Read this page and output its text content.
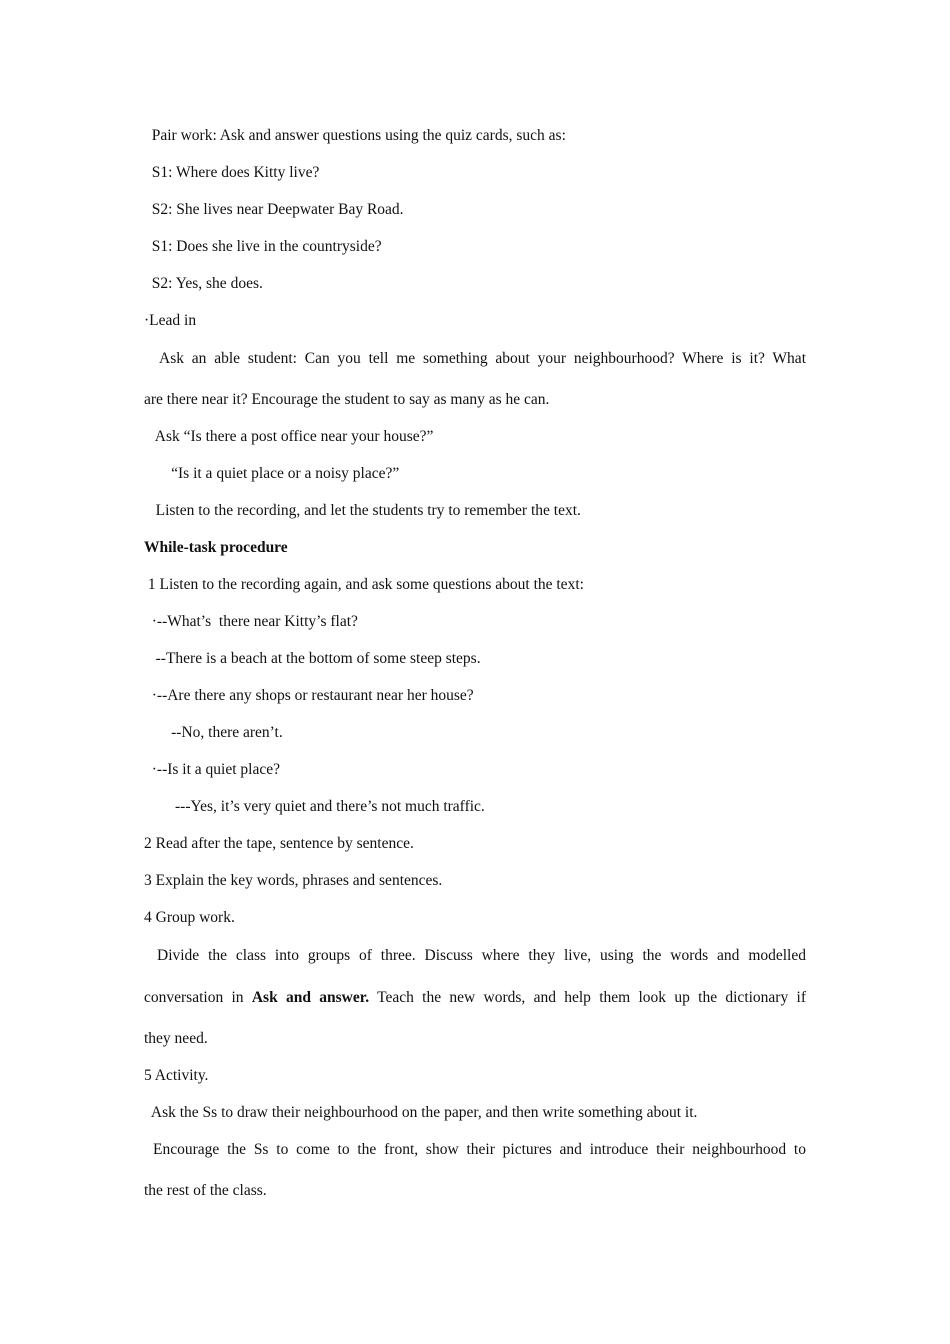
Pair work: Ask and answer questions using the quiz cards, such as:
S1: Where does Kitty live?
S2: She lives near Deepwater Bay Road.
S1: Does she live in the countryside?
S2: Yes, she does.
·Lead in
Ask an able student: Can you tell me something about your neighbourhood? Where is it? What
are there near it? Encourage the student to say as many as he can.
Ask “Is there a post office near your house?”
“Is it a quiet place or a noisy place?”
Listen to the recording, and let the students try to remember the text.
While-task procedure
1 Listen to the recording again, and ask some questions about the text:
·--What’s  there near Kitty’s flat?
--There is a beach at the bottom of some steep steps.
·--Are there any shops or restaurant near her house?
--No, there aren’t.
·--Is it a quiet place?
---Yes, it’s very quiet and there’s not much traffic.
2 Read after the tape, sentence by sentence.
3 Explain the key words, phrases and sentences.
4 Group work.
Divide the class into groups of three. Discuss where they live, using the words and modelled
conversation in Ask and answer. Teach the new words, and help them look up the dictionary if
they need.
5 Activity.
Ask the Ss to draw their neighbourhood on the paper, and then write something about it.
Encourage the Ss to come to the front, show their pictures and introduce their neighbourhood to
the rest of the class.
